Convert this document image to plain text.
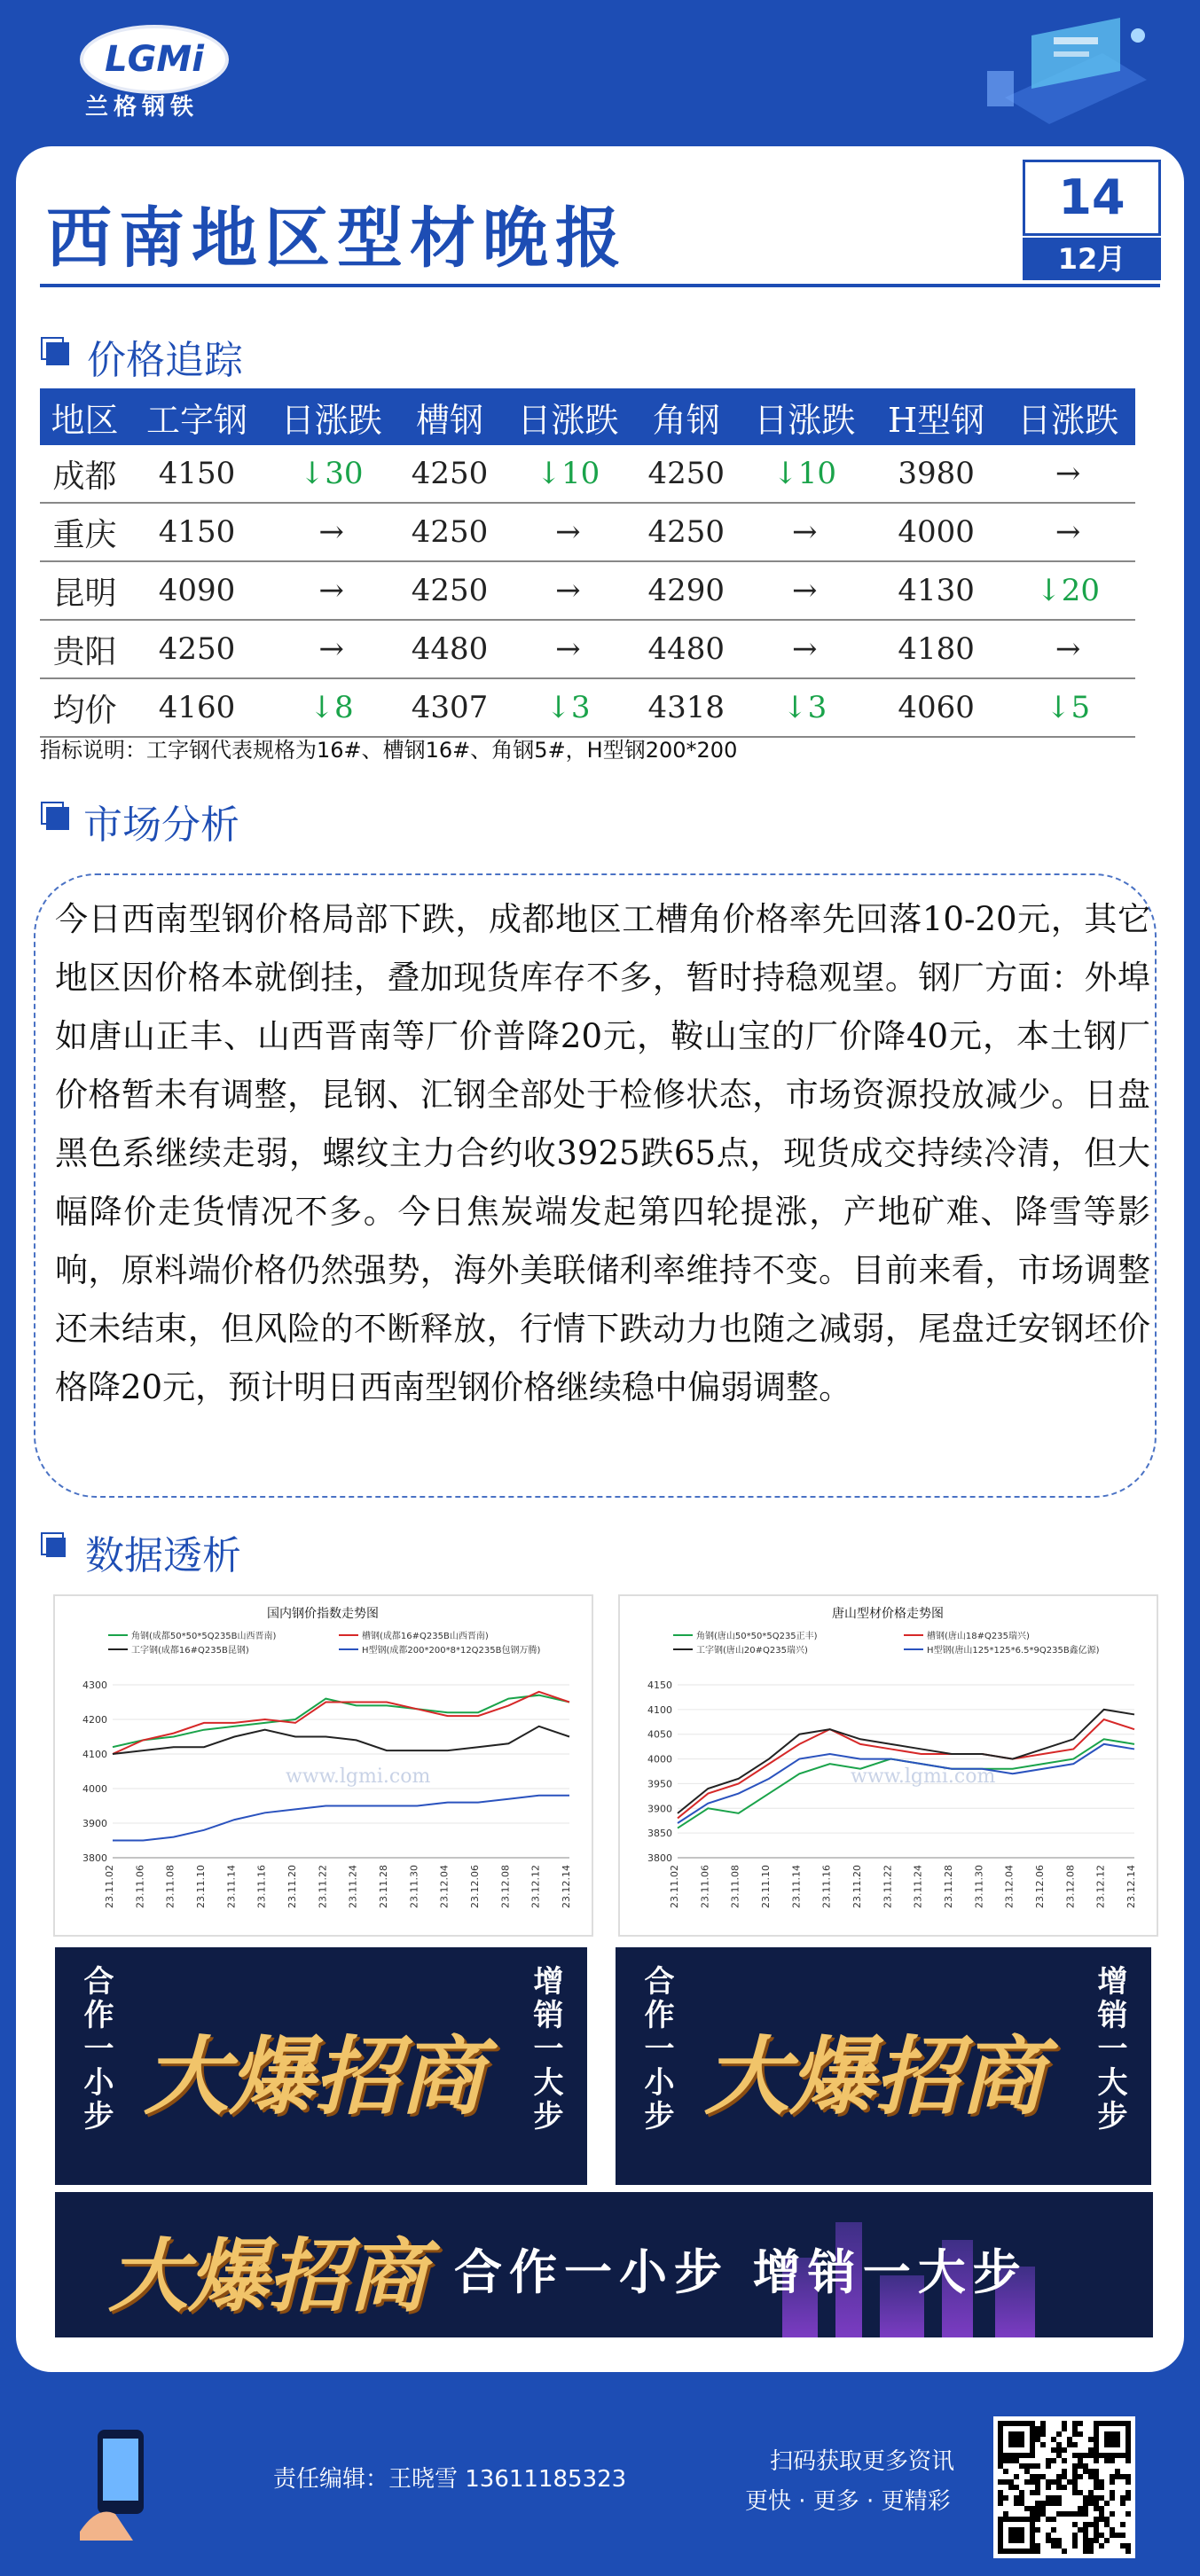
LGMi
兰格钢铁
西南地区型材晚报
14
12月
价格追踪
地区	工字钢	日涨跌	槽钢	日涨跌	角钢	日涨跌	H型钢	日涨跌
成都	4150	↓30	4250	↓10	4250	↓10	3980	→
重庆	4150	→	4250	→	4250	→	4000	→
昆明	4090	→	4250	→	4290	→	4130	↓20
贵阳	4250	→	4480	→	4480	→	4180	→
均价	4160	↓8	4307	↓3	4318	↓3	4060	↓5
指标说明：工字钢代表规格为16#、槽钢16#、角钢5#，H型钢200*200
市场分析
今日西南型钢价格局部下跌，成都地区工槽角价格率先回落10-20元，其它地区因价格本就倒挂，叠加现货库存不多，暂时持稳观望。钢厂方面：外埠如唐山正丰、山西晋南等厂价普降20元，鞍山宝的厂价降40元，本土钢厂价格暂未有调整，昆钢、汇钢全部处于检修状态，市场资源投放减少。日盘黑色系继续走弱，螺纹主力合约收3925跌65点，现货成交持续冷清，但大幅降价走货情况不多。今日焦炭端发起第四轮提涨，产地矿难、降雪等影响，原料端价格仍然强势，海外美联储利率维持不变。目前来看，市场调整还未结束，但风险的不断释放，行情下跌动力也随之减弱，尾盘迁安钢坯价格降20元，预计明日西南型钢价格继续稳中偏弱调整。
数据透析
国内钢价指数走势图
角钢(成都50*50*5Q235B山西晋南)	槽钢(成都16#Q235B山西晋南)
工字钢(成都16#Q235B昆钢)	H型钢(成都200*200*8*12Q235B包钢万腾)
3800
3900
4000
4100
4200
4300
www.lgmi.com
23.11.02 23.11.06 23.11.08 23.11.10 23.11.14 23.11.16 23.11.20 23.11.22 23.11.24 23.11.28 23.11.30 23.12.04 23.12.06 23.12.08 23.12.12 23.12.14
唐山型材价格走势图
角钢(唐山50*50*5Q235正丰)	槽钢(唐山18#Q235瑞兴)
工字钢(唐山20#Q235瑞兴)	H型钢(唐山125*125*6.5*9Q235B鑫亿源)
3800
3850
3900
3950
4000
4050
4100
4150
www.lgmi.com
23.11.02 23.11.06 23.11.08 23.11.10 23.11.14 23.11.16 23.11.20 23.11.22 23.11.24 23.11.28 23.11.30 23.12.04 23.12.06 23.12.08 23.12.12 23.12.14
合作一小步 大爆招商 增销一大步	合作一小步 大爆招商 增销一大步
大爆招商 合作一小步 增销一大步
责任编辑：王晓雪 13611185323
扫码获取更多资讯
更快 · 更多 · 更精彩
